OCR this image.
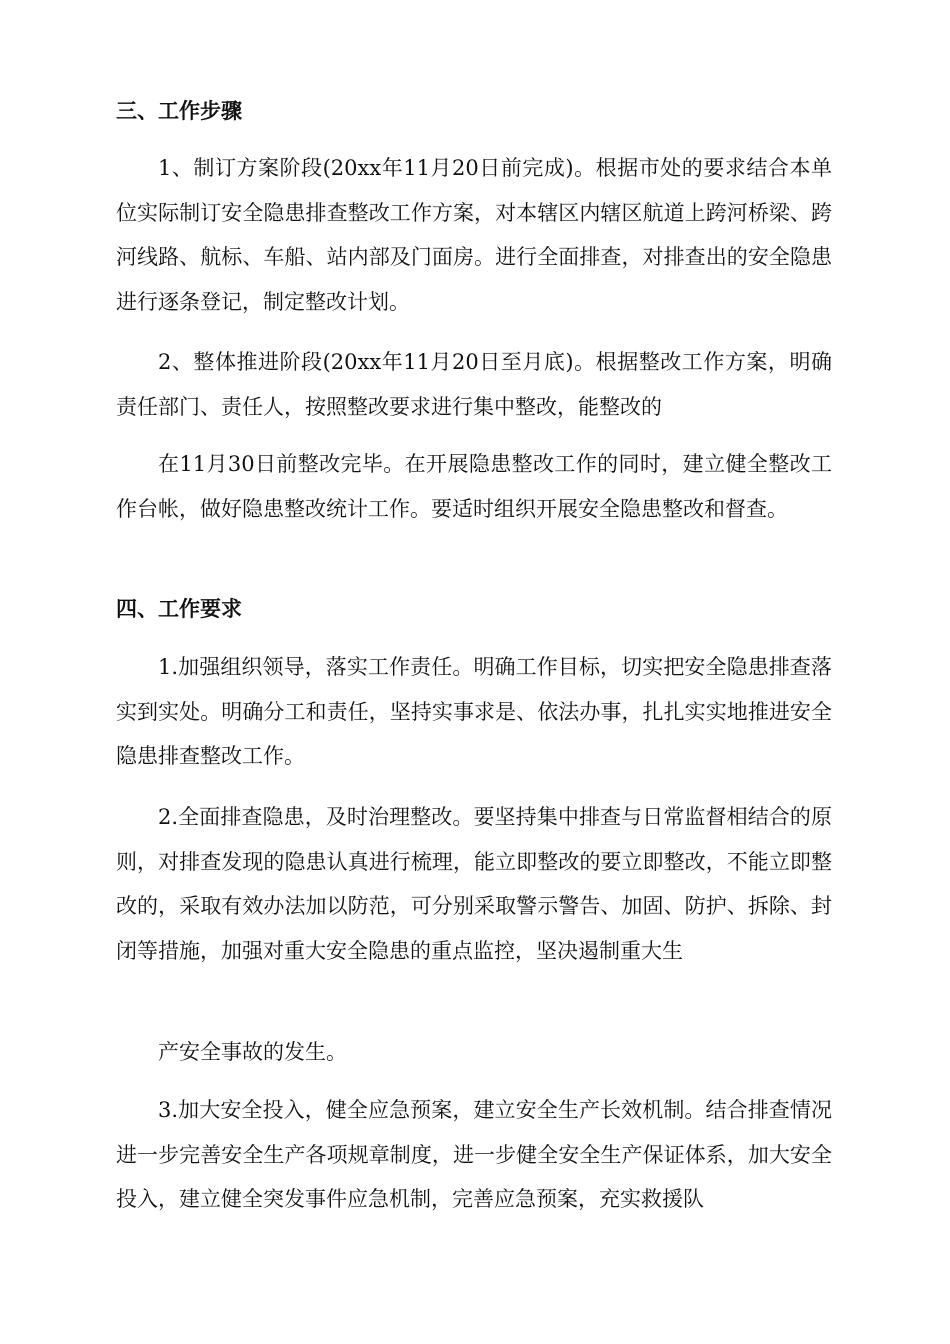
三、工作步骤
1、制订方案阶段(20xx年11月20日前完成)。根据市处的要求结合本单位实际制订安全隐患排查整改工作方案，对本辖区内辖区航道上跨河桥梁、跨河线路、航标、车船、站内部及门面房。进行全面排查，对排查出的安全隐患进行逐条登记，制定整改计划。
2、整体推进阶段(20xx年11月20日至月底)。根据整改工作方案，明确责任部门、责任人，按照整改要求进行集中整改，能整改的
在11月30日前整改完毕。在开展隐患整改工作的同时，建立健全整改工作台帐，做好隐患整改统计工作。要适时组织开展安全隐患整改和督查。
四、工作要求
1.加强组织领导，落实工作责任。明确工作目标，切实把安全隐患排查落实到实处。明确分工和责任，坚持实事求是、依法办事，扎扎实实地推进安全隐患排查整改工作。
2.全面排查隐患，及时治理整改。要坚持集中排查与日常监督相结合的原则，对排查发现的隐患认真进行梳理，能立即整改的要立即整改，不能立即整改的，采取有效办法加以防范，可分别采取警示警告、加固、防护、拆除、封闭等措施，加强对重大安全隐患的重点监控，坚决遏制重大生
产安全事故的发生。
3.加大安全投入，健全应急预案，建立安全生产长效机制。结合排查情况进一步完善安全生产各项规章制度，进一步健全安全生产保证体系，加大安全投入，建立健全突发事件应急机制，完善应急预案，充实救援队
